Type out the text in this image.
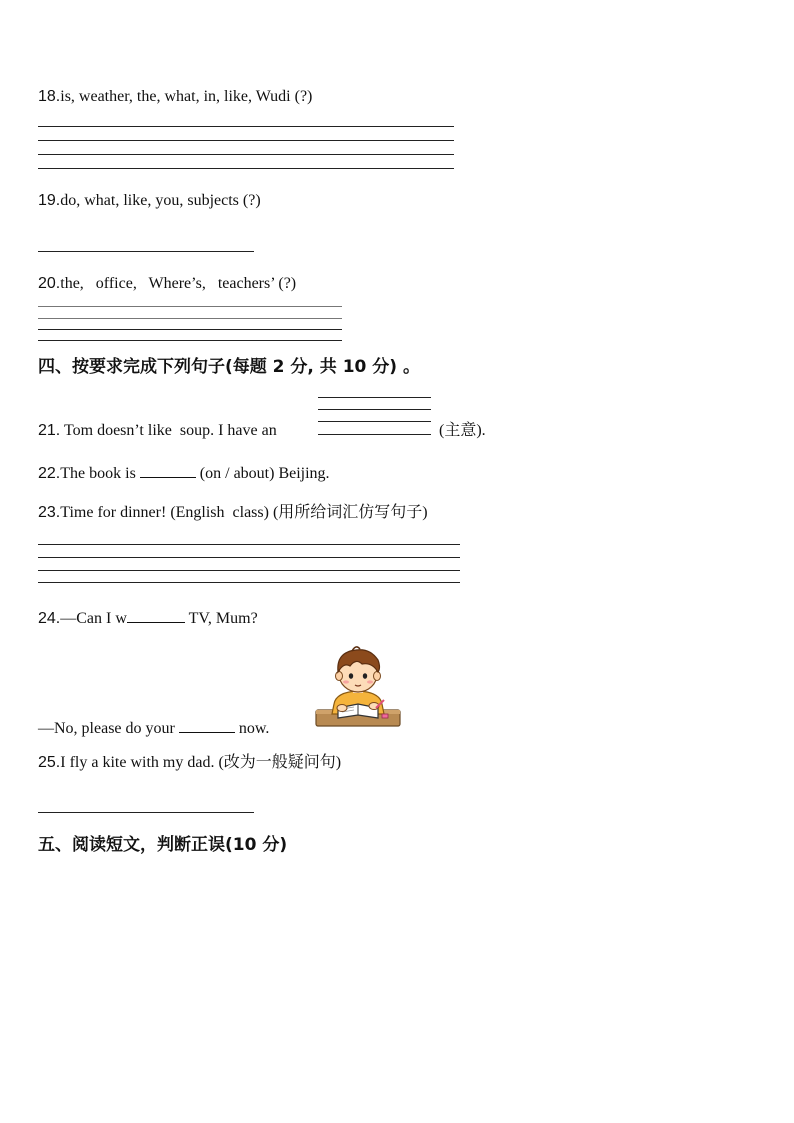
18.is, weather, the, what, in, like, Wudi (?)
19.do, what, like, you, subjects (?)
20.the,   office,   Where’s,   teachers’ (?)
四、按要求完成下列句子(每题 2 分, 共 10 分) 。
21. Tom doesn’t like  soup. I have an	(主意).
22.The book is	(on / about) Beijing.
23.Time for dinner! (English  class) (用所给词汇仿写句子)
24.—Can I w	TV, Mum?
—No, please do your	now.
25.I fly a kite with my dad. (改为一般疑问句)
五、阅读短文，判断正误(10 分)
